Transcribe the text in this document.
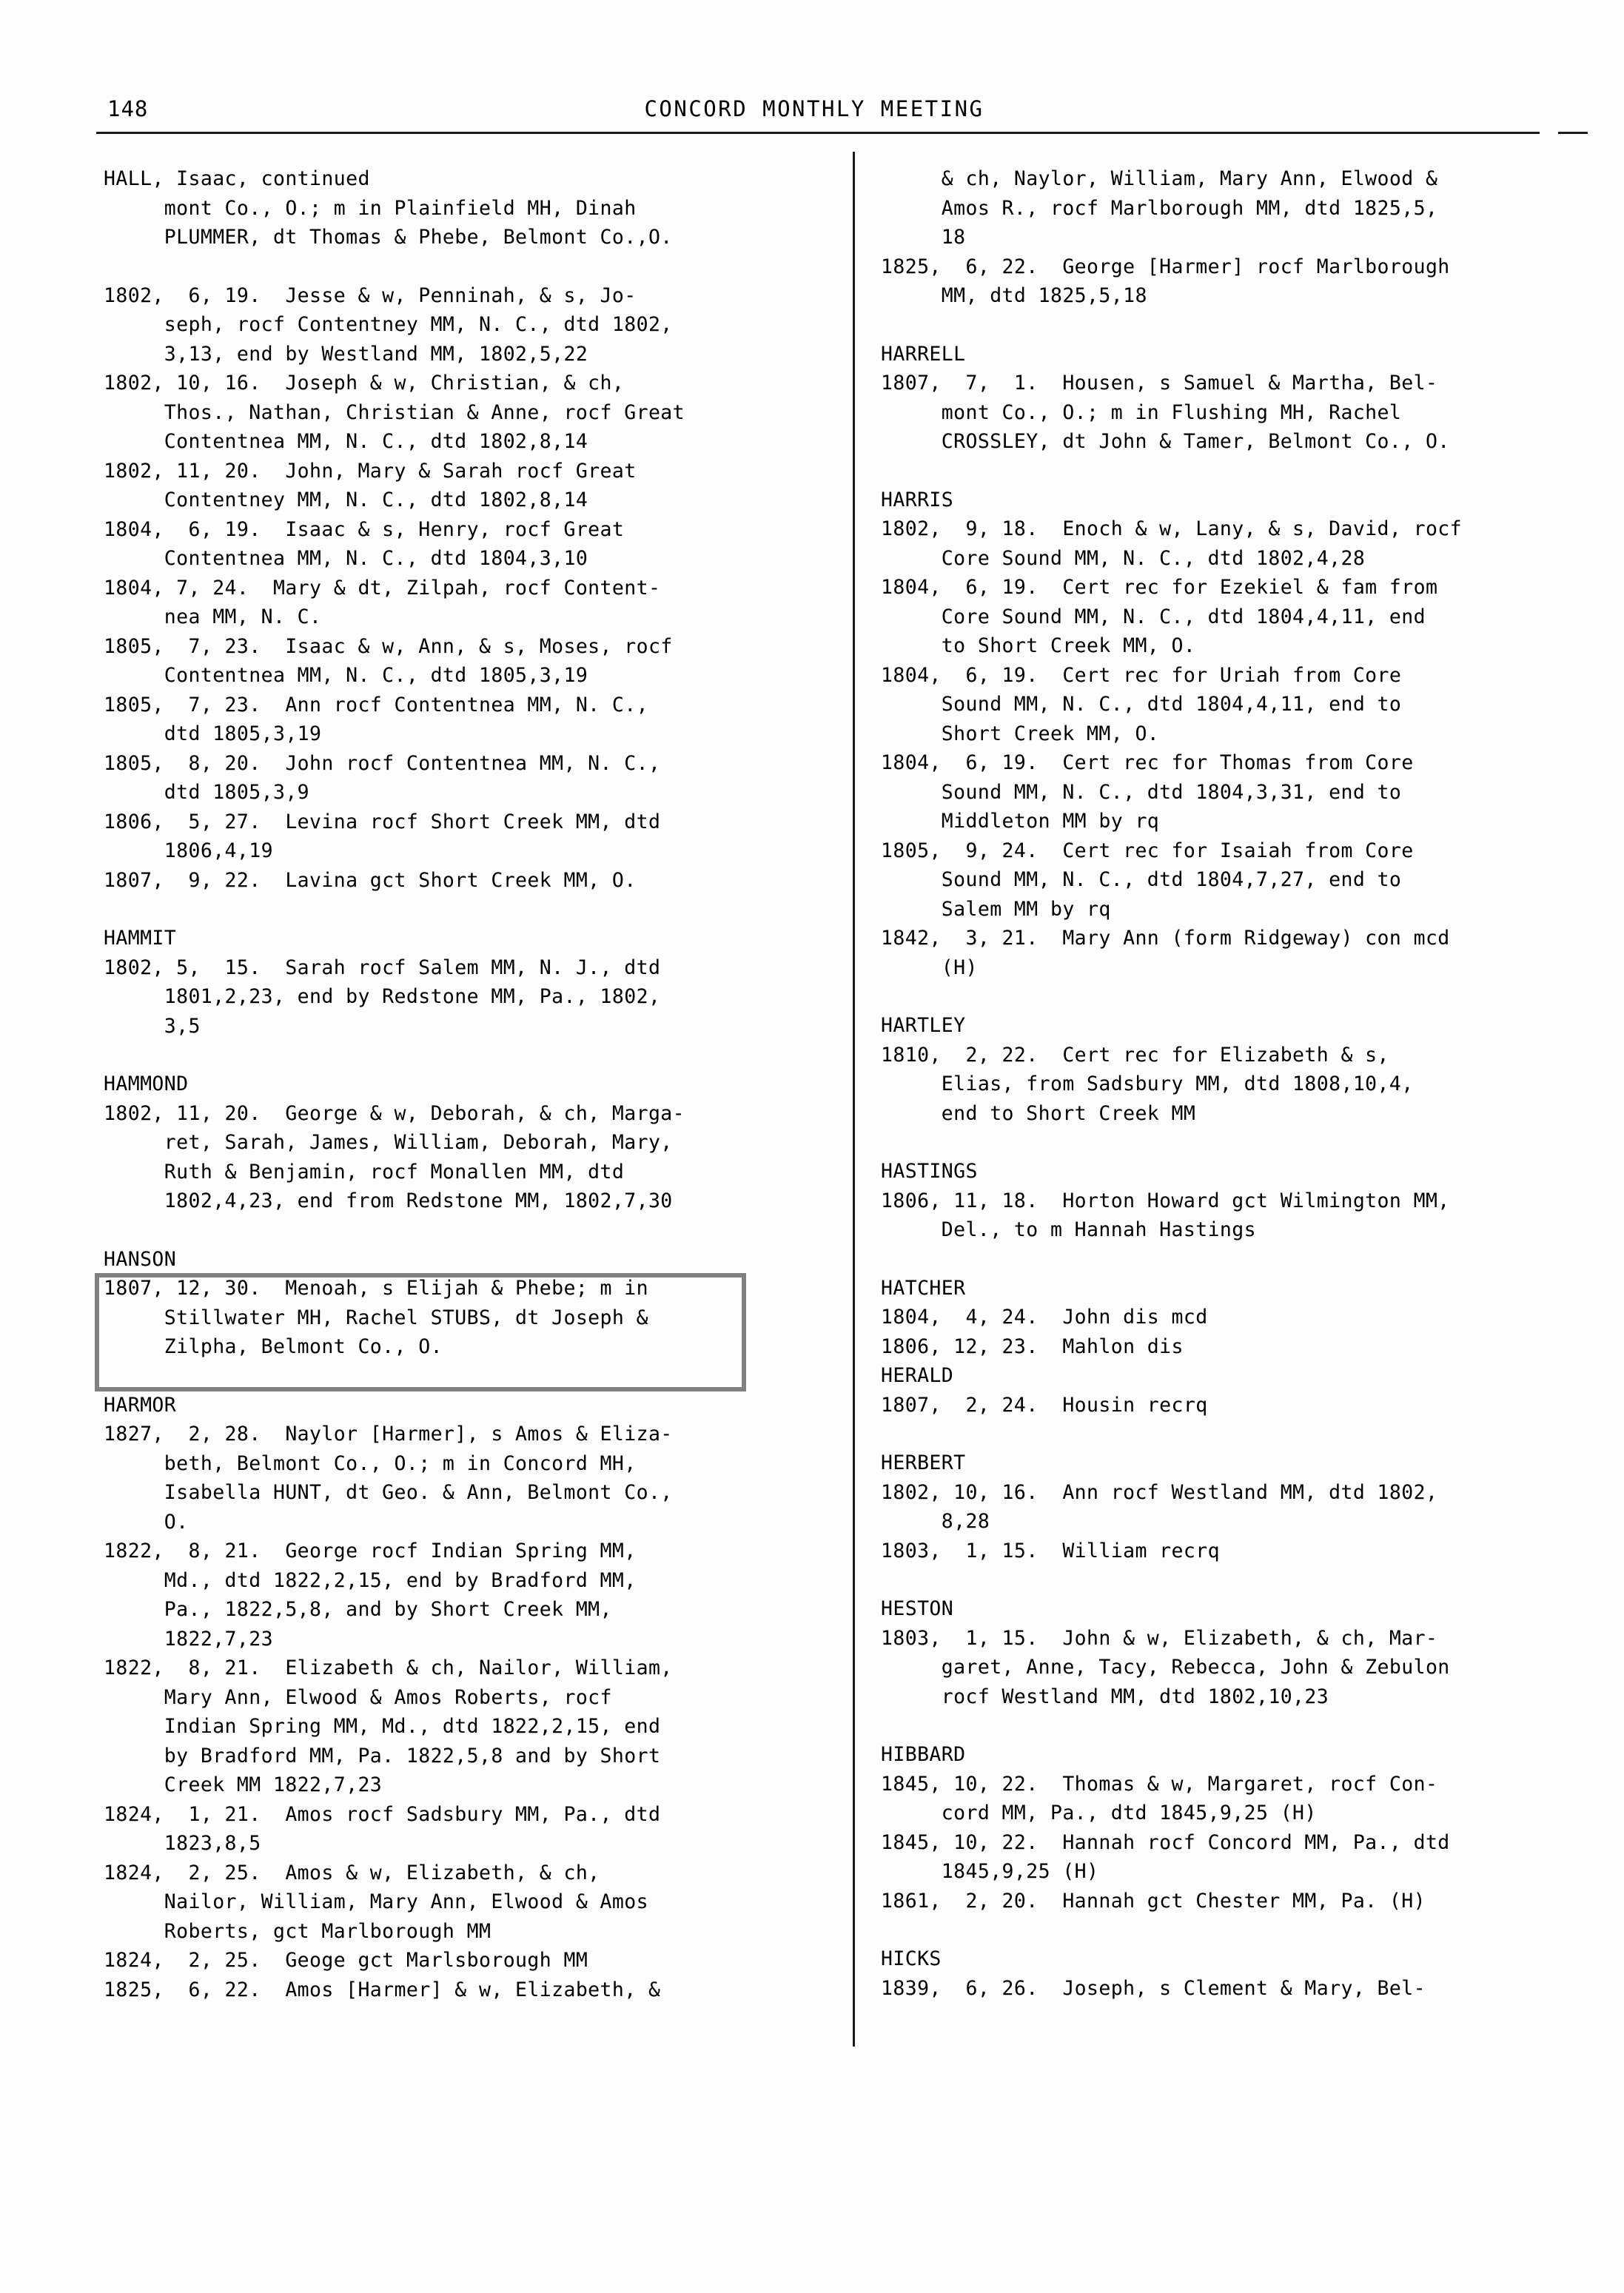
148	CONCORD MONTHLY MEETING
HALL, Isaac, continued
mont Co., O.; m in Plainfield MH, Dinah
PLUMMER, dt Thomas & Phebe, Belmont Co.,O.

1802,  6, 19.  Jesse & w, Penninah, & s, Jo-
seph, rocf Contentney MM, N. C., dtd 1802,
3,13, end by Westland MM, 1802,5,22
1802, 10, 16.  Joseph & w, Christian, & ch,
Thos., Nathan, Christian & Anne, rocf Great
Contentnea MM, N. C., dtd 1802,8,14
1802, 11, 20.  John, Mary & Sarah rocf Great
Contentney MM, N. C., dtd 1802,8,14
1804,  6, 19.  Isaac & s, Henry, rocf Great
Contentnea MM, N. C., dtd 1804,3,10
1804, 7, 24.  Mary & dt, Zilpah, rocf Content-
nea MM, N. C.
1805,  7, 23.  Isaac & w, Ann, & s, Moses, rocf
Contentnea MM, N. C., dtd 1805,3,19
1805,  7, 23.  Ann rocf Contentnea MM, N. C.,
dtd 1805,3,19
1805,  8, 20.  John rocf Contentnea MM, N. C.,
dtd 1805,3,9
1806,  5, 27.  Levina rocf Short Creek MM, dtd
1806,4,19
1807,  9, 22.  Lavina gct Short Creek MM, O.

HAMMIT
1802, 5,  15.  Sarah rocf Salem MM, N. J., dtd
1801,2,23, end by Redstone MM, Pa., 1802,
3,5

HAMMOND
1802, 11, 20.  George & w, Deborah, & ch, Marga-
ret, Sarah, James, William, Deborah, Mary,
Ruth & Benjamin, rocf Monallen MM, dtd
1802,4,23, end from Redstone MM, 1802,7,30

HANSON
1807, 12, 30.  Menoah, s Elijah & Phebe; m in
Stillwater MH, Rachel STUBS, dt Joseph &
Zilpha, Belmont Co., O.

HARMOR
1827,  2, 28.  Naylor [Harmer], s Amos & Eliza-
beth, Belmont Co., O.; m in Concord MH,
Isabella HUNT, dt Geo. & Ann, Belmont Co.,
O.
1822,  8, 21.  George rocf Indian Spring MM,
Md., dtd 1822,2,15, end by Bradford MM,
Pa., 1822,5,8, and by Short Creek MM,
1822,7,23
1822,  8, 21.  Elizabeth & ch, Nailor, William,
Mary Ann, Elwood & Amos Roberts, rocf
Indian Spring MM, Md., dtd 1822,2,15, end
by Bradford MM, Pa. 1822,5,8 and by Short
Creek MM 1822,7,23
1824,  1, 21.  Amos rocf Sadsbury MM, Pa., dtd
1823,8,5
1824,  2, 25.  Amos & w, Elizabeth, & ch,
Nailor, William, Mary Ann, Elwood & Amos
Roberts, gct Marlborough MM
1824,  2, 25.  Geoge gct Marlsborough MM
1825,  6, 22.  Amos [Harmer] & w, Elizabeth, &
& ch, Naylor, William, Mary Ann, Elwood &
Amos R., rocf Marlborough MM, dtd 1825,5,
18
1825,  6, 22.  George [Harmer] rocf Marlborough
MM, dtd 1825,5,18

HARRELL
1807,  7,  1.  Housen, s Samuel & Martha, Bel-
mont Co., O.; m in Flushing MH, Rachel
CROSSLEY, dt John & Tamer, Belmont Co., O.

HARRIS
1802,  9, 18.  Enoch & w, Lany, & s, David, rocf
Core Sound MM, N. C., dtd 1802,4,28
1804,  6, 19.  Cert rec for Ezekiel & fam from
Core Sound MM, N. C., dtd 1804,4,11, end
to Short Creek MM, O.
1804,  6, 19.  Cert rec for Uriah from Core
Sound MM, N. C., dtd 1804,4,11, end to
Short Creek MM, O.
1804,  6, 19.  Cert rec for Thomas from Core
Sound MM, N. C., dtd 1804,3,31, end to
Middleton MM by rq
1805,  9, 24.  Cert rec for Isaiah from Core
Sound MM, N. C., dtd 1804,7,27, end to
Salem MM by rq
1842,  3, 21.  Mary Ann (form Ridgeway) con mcd
(H)

HARTLEY
1810,  2, 22.  Cert rec for Elizabeth & s,
Elias, from Sadsbury MM, dtd 1808,10,4,
end to Short Creek MM

HASTINGS
1806, 11, 18.  Horton Howard gct Wilmington MM,
Del., to m Hannah Hastings

HATCHER
1804,  4, 24.  John dis mcd
1806, 12, 23.  Mahlon dis
HERALD
1807,  2, 24.  Housin recrq

HERBERT
1802, 10, 16.  Ann rocf Westland MM, dtd 1802,
8,28
1803,  1, 15.  William recrq

HESTON
1803,  1, 15.  John & w, Elizabeth, & ch, Mar-
garet, Anne, Tacy, Rebecca, John & Zebulon
rocf Westland MM, dtd 1802,10,23

HIBBARD
1845, 10, 22.  Thomas & w, Margaret, rocf Con-
cord MM, Pa., dtd 1845,9,25 (H)
1845, 10, 22.  Hannah rocf Concord MM, Pa., dtd
1845,9,25 (H)
1861,  2, 20.  Hannah gct Chester MM, Pa. (H)

HICKS
1839,  6, 26.  Joseph, s Clement & Mary, Bel-
